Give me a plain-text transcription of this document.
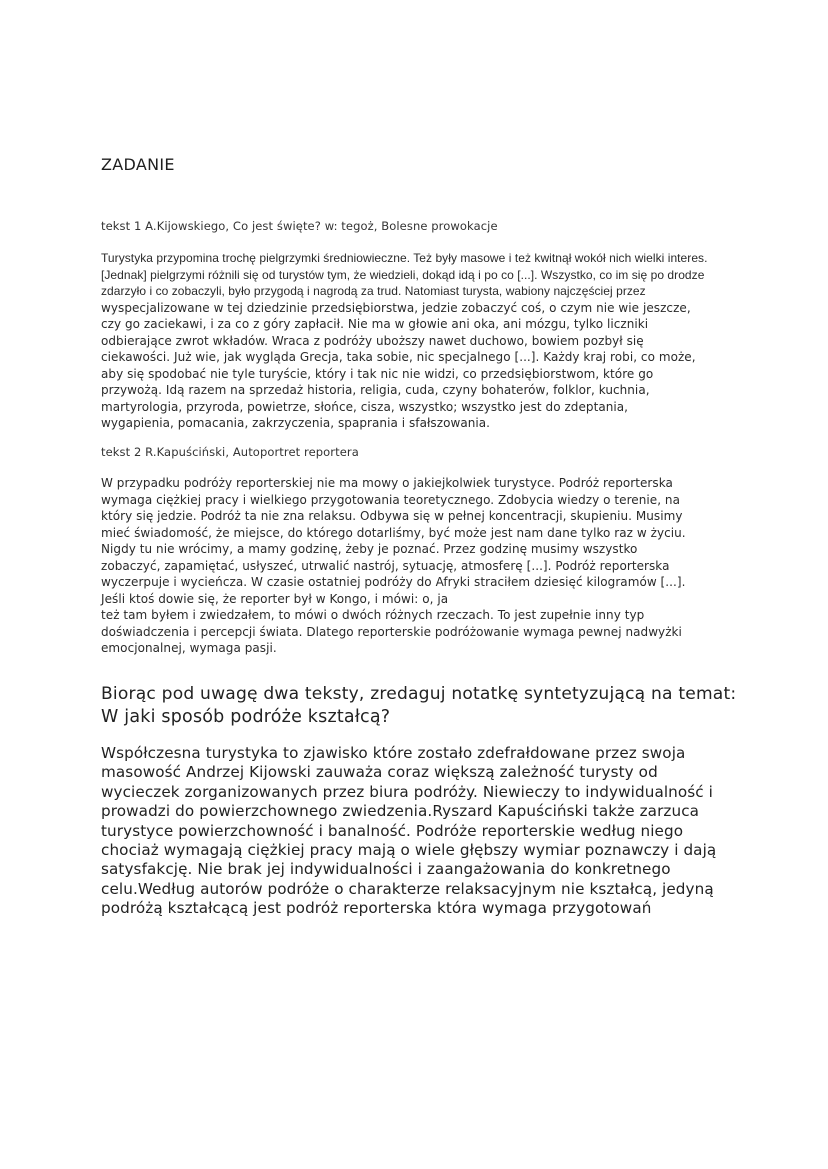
ZADANIE

tekst 1 A.Kijowskiego, Co jest święte? w: tegoż, Bolesne prowokacje

Turystyka przypomina trochę pielgrzymki średniowieczne. Też były masowe i też kwitnął wokół nich wielki interes.
[Jednak] pielgrzymi różnili się od turystów tym, że wiedzieli, dokąd idą i po co [...]. Wszystko, co im się po drodze
zdarzyło i co zobaczyli, było przygodą i nagrodą za trud. Natomiast turysta, wabiony najczęściej przez
wyspecjalizowane w tej dziedzinie przedsiębiorstwa, jedzie zobaczyć coś, o czym nie wie jeszcze,
czy go zaciekawi, i za co z góry zapłacił. Nie ma w głowie ani oka, ani mózgu, tylko liczniki
odbierające zwrot wkładów. Wraca z podróży uboższy nawet duchowo, bowiem pozbył się
ciekawości. Już wie, jak wygląda Grecja, taka sobie, nic specjalnego [...]. Każdy kraj robi, co może,
aby się spodobać nie tyle turyście, który i tak nic nie widzi, co przedsiębiorstwom, które go
przywożą. Idą razem na sprzedaż historia, religia, cuda, czyny bohaterów, folklor, kuchnia,
martyrologia, przyroda, powietrze, słońce, cisza, wszystko; wszystko jest do zdeptania,
wygapienia, pomacania, zakrzyczenia, spaprania i sfałszowania.

tekst 2 R.Kapuściński, Autoportret reportera

W przypadku podróży reporterskiej nie ma mowy o jakiejkolwiek turystyce. Podróż reporterska
wymaga ciężkiej pracy i wielkiego przygotowania teoretycznego. Zdobycia wiedzy o terenie, na
który się jedzie. Podróż ta nie zna relaksu. Odbywa się w pełnej koncentracji, skupieniu. Musimy
mieć świadomość, że miejsce, do którego dotarliśmy, być może jest nam dane tylko raz w życiu.
Nigdy tu nie wrócimy, a mamy godzinę, żeby je poznać. Przez godzinę musimy wszystko
zobaczyć, zapamiętać, usłyszeć, utrwalić nastrój, sytuację, atmosferę [...]. Podróż reporterska
wyczerpuje i wycieńcza. W czasie ostatniej podróży do Afryki straciłem dziesięć kilogramów [...].
Jeśli ktoś dowie się, że reporter był w Kongo, i mówi: o, ja
też tam byłem i zwiedzałem, to mówi o dwóch różnych rzeczach. To jest zupełnie inny typ
doświadczenia i percepcji świata. Dlatego reporterskie podróżowanie wymaga pewnej nadwyżki
emocjonalnej, wymaga pasji.
Biorąc pod uwagę dwa teksty, zredaguj notatkę syntetyzującą na temat:
W jaki sposób podróże kształcą?
Współczesna turystyka to zjawisko które zostało zdefrałdowane przez swoja
masowość Andrzej Kijowski zauważa coraz większą zależność turysty od
wycieczek zorganizowanych przez biura podróży. Niewieczy to indywidualność i
prowadzi do powierzchownego zwiedzenia.Ryszard Kapuściński także zarzuca
turystyce powierzchowność i banalność. Podróże reporterskie według niego
chociaż wymagają ciężkiej pracy mają o wiele głębszy wymiar poznawczy i dają
satysfakcję. Nie brak jej indywidualności i zaangażowania do konkretnego
celu.Według autorów podróże o charakterze relaksacyjnym nie kształcą, jedyną
podróżą kształcącą jest podróż reporterska która wymaga przygotowań
